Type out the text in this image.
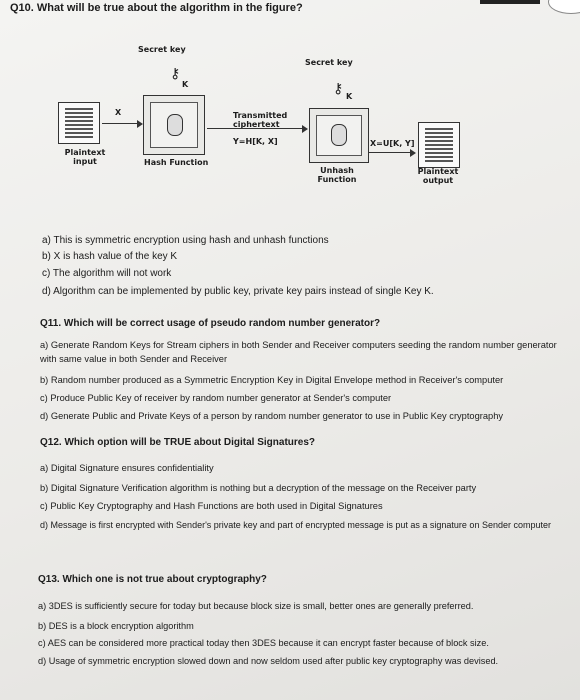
Q10. What will be true about the algorithm in the figure?
Secret key
⚷
K
X
Plaintext input	Hash Function
Transmitted ciphertext
Y=H[K, X]
Secret key
⚷
K
Unhash Function
X=U[K, Y]
Plaintext output
a) This is symmetric encryption using hash and unhash functions
b) X is hash value of the key K
c) The algorithm will not work
d) Algorithm can be implemented by public key, private key pairs instead of single Key K.
Q11. Which will be correct usage of pseudo random number generator?
a) Generate Random Keys for Stream ciphers in both Sender and Receiver computers seeding the random number generator
with same value in both Sender and Receiver
b) Random number produced as a Symmetric Encryption Key in Digital Envelope method in Receiver's computer
c) Produce Public Key of receiver by random number generator at Sender's computer
d) Generate Public and Private Keys of a person by random number generator to use in Public Key cryptography
Q12. Which option will be TRUE about Digital Signatures?
a) Digital Signature ensures confidentiality
b) Digital Signature Verification algorithm is nothing but a decryption of the message on the Receiver party
c) Public Key Cryptography and Hash Functions are both used in Digital Signatures
d) Message is first encrypted with Sender's private key and part of encrypted message is put as a signature on Sender computer
Q13. Which one is not true about cryptography?
a) 3DES is sufficiently secure for today but because block size is small, better ones are generally preferred.
b) DES is a block encryption algorithm
c) AES can be considered more practical today then 3DES because it can encrypt faster because of block size.
d) Usage of symmetric encryption slowed down and now seldom used after public key cryptography was devised.
